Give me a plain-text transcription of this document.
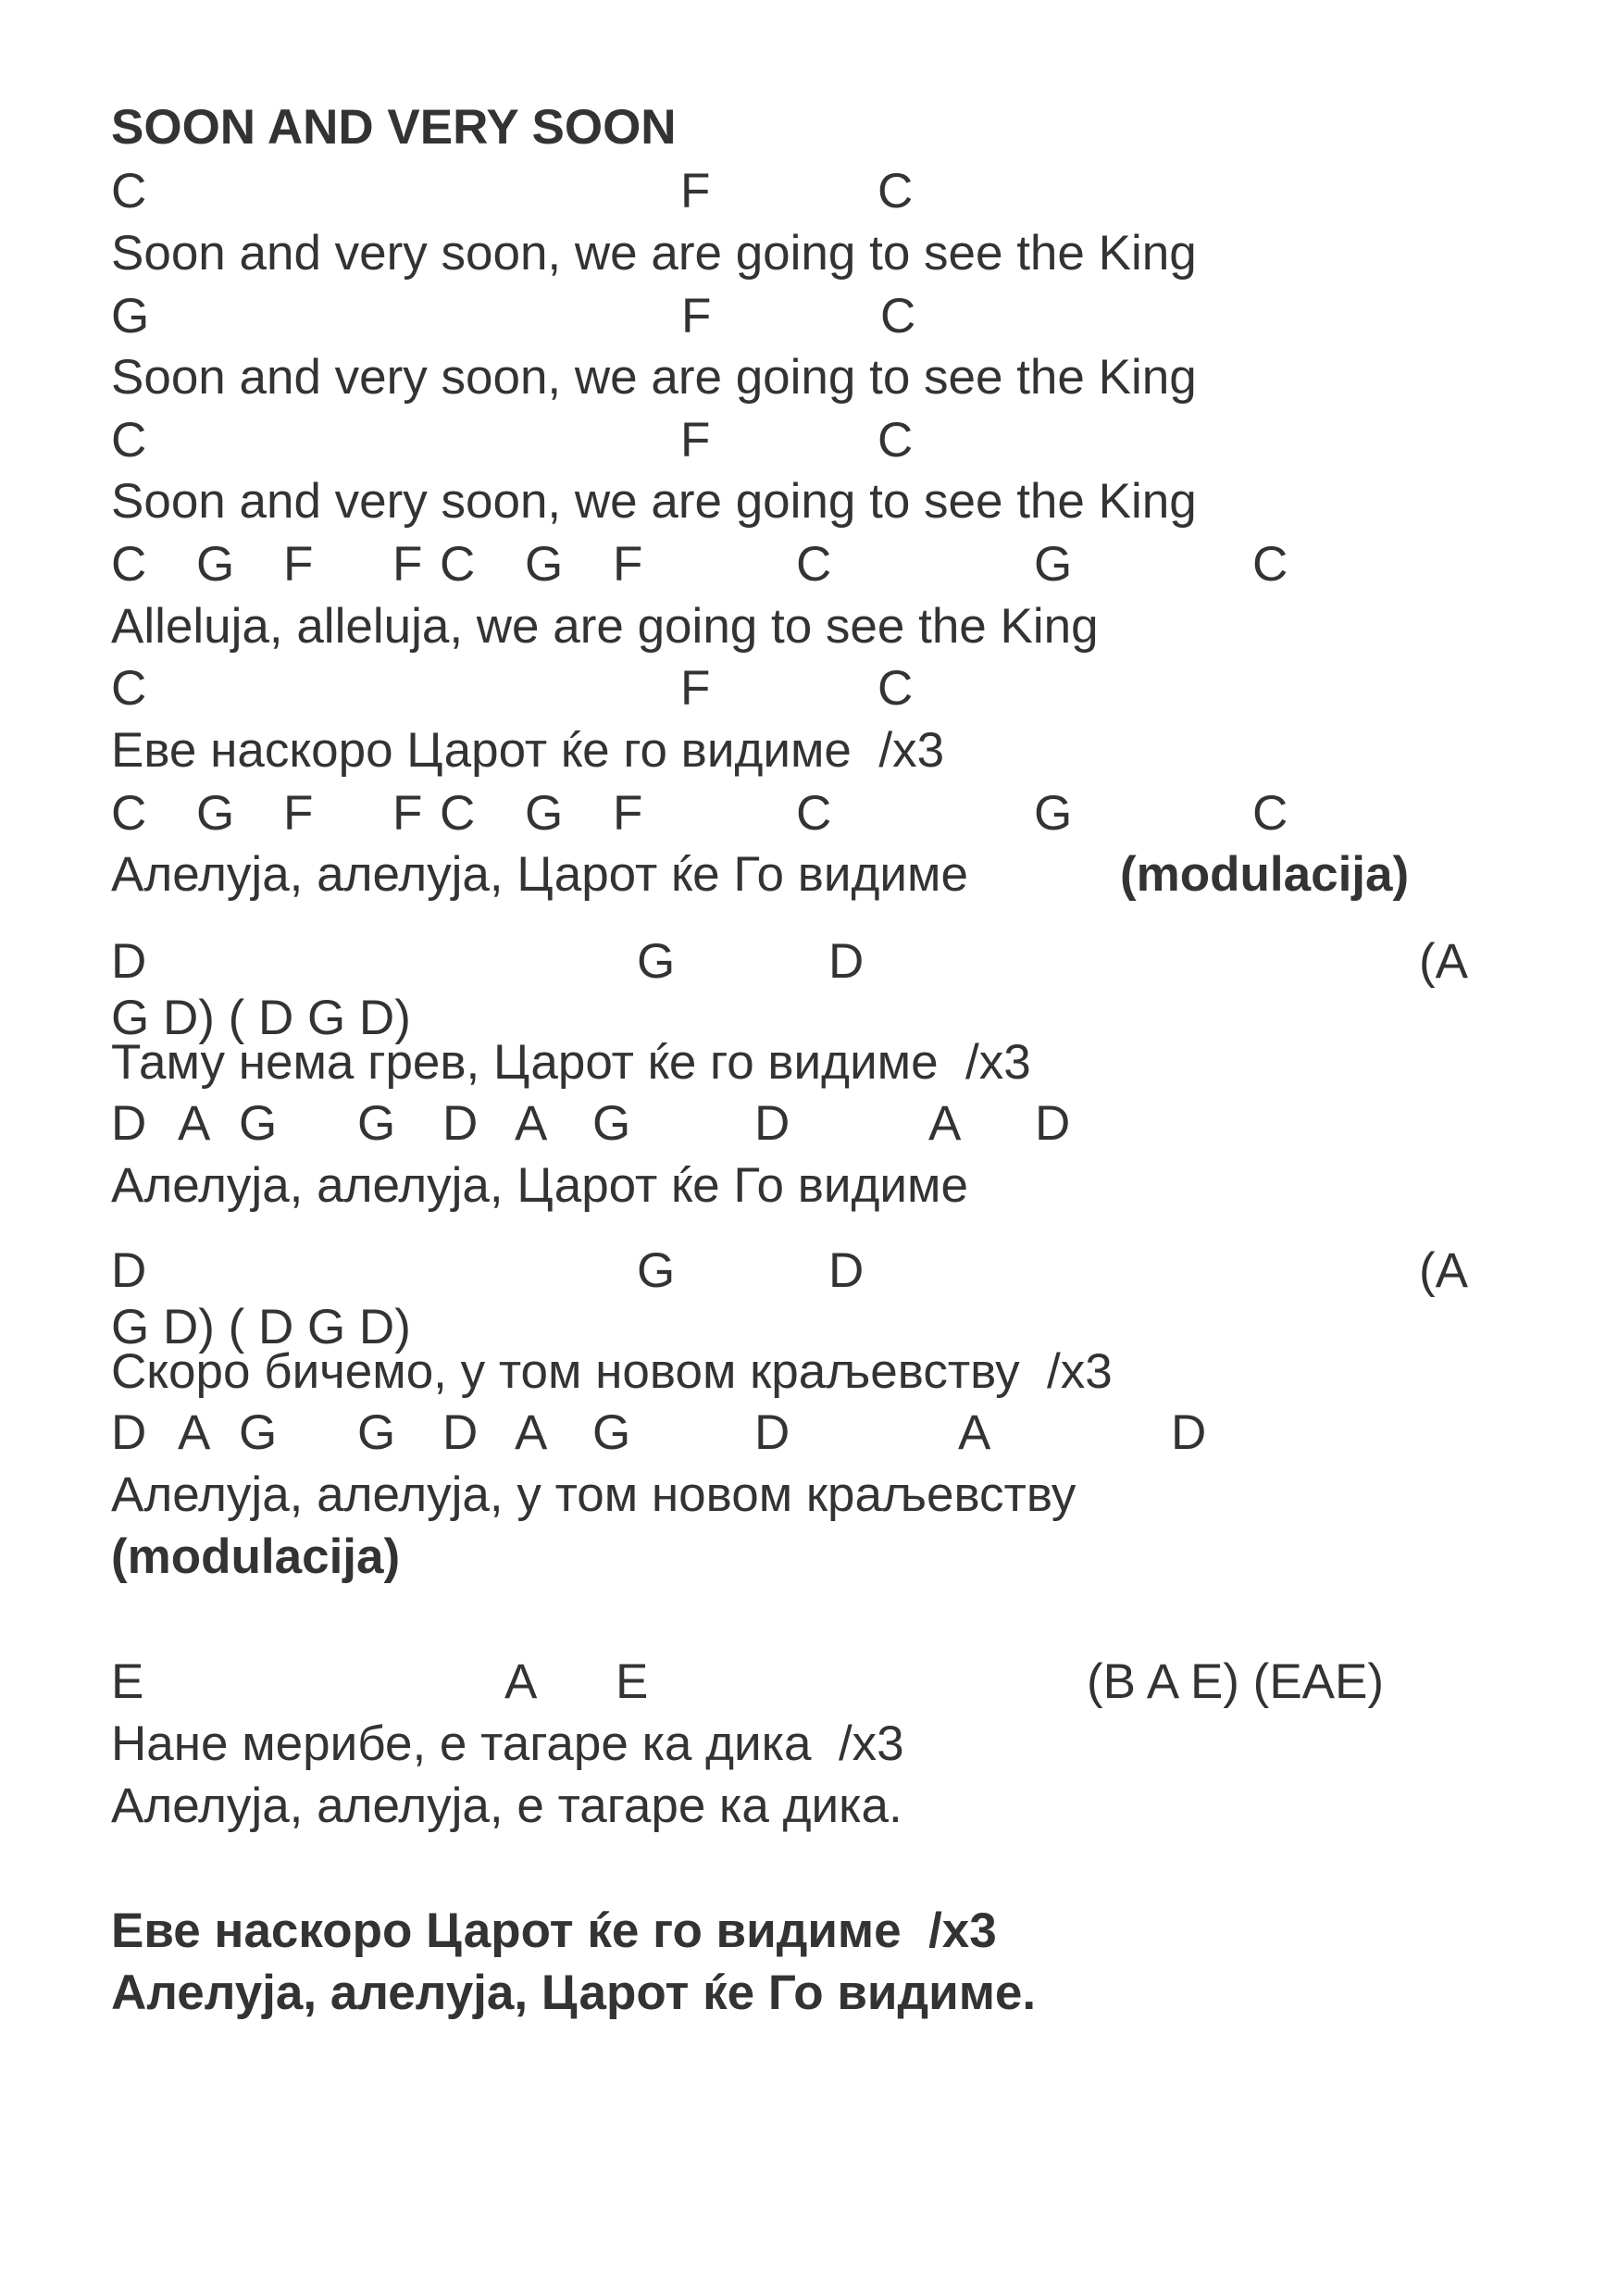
SOON AND VERY SOON
C	F	C
Soon and very soon, we are going to see the King
G	F	C
Soon and very soon, we are going to see the King
C	F	C
Soon and very soon, we are going to see the King
C G F F C G F	C	G	C
Alleluja, alleluja, we are going to see the King
C	F	C
Еве наскоро Царот ќе го видиме  /x3
C G F F C G F	C	G	C
Алелуја, алелуја, Царот ќе Го видиме	(modulacija)
D	G	D	(A
G D) ( D G D)
Таму нема грев, Царот ќе го видиме  /x3
D A G G D A G	D	A D
Алелуја, алелуја, Царот ќе Го видиме
D	G	D	(A
G D) ( D G D)
Скоро бичемо, у том новом краљевству  /x3
D A G G D A G	D	A	D
Алелуја, алелуја, у том новом краљевству
(modulacija)
E	A E	(B A E) (EAE)
Нане мерибе, е тагаре ка дика  /x3
Алелуја, алелуја, е тагаре ка дика.
Еве наскоро Царот ќе го видиме  /x3
Алелуја, алелуја, Царот ќе Го видиме.
